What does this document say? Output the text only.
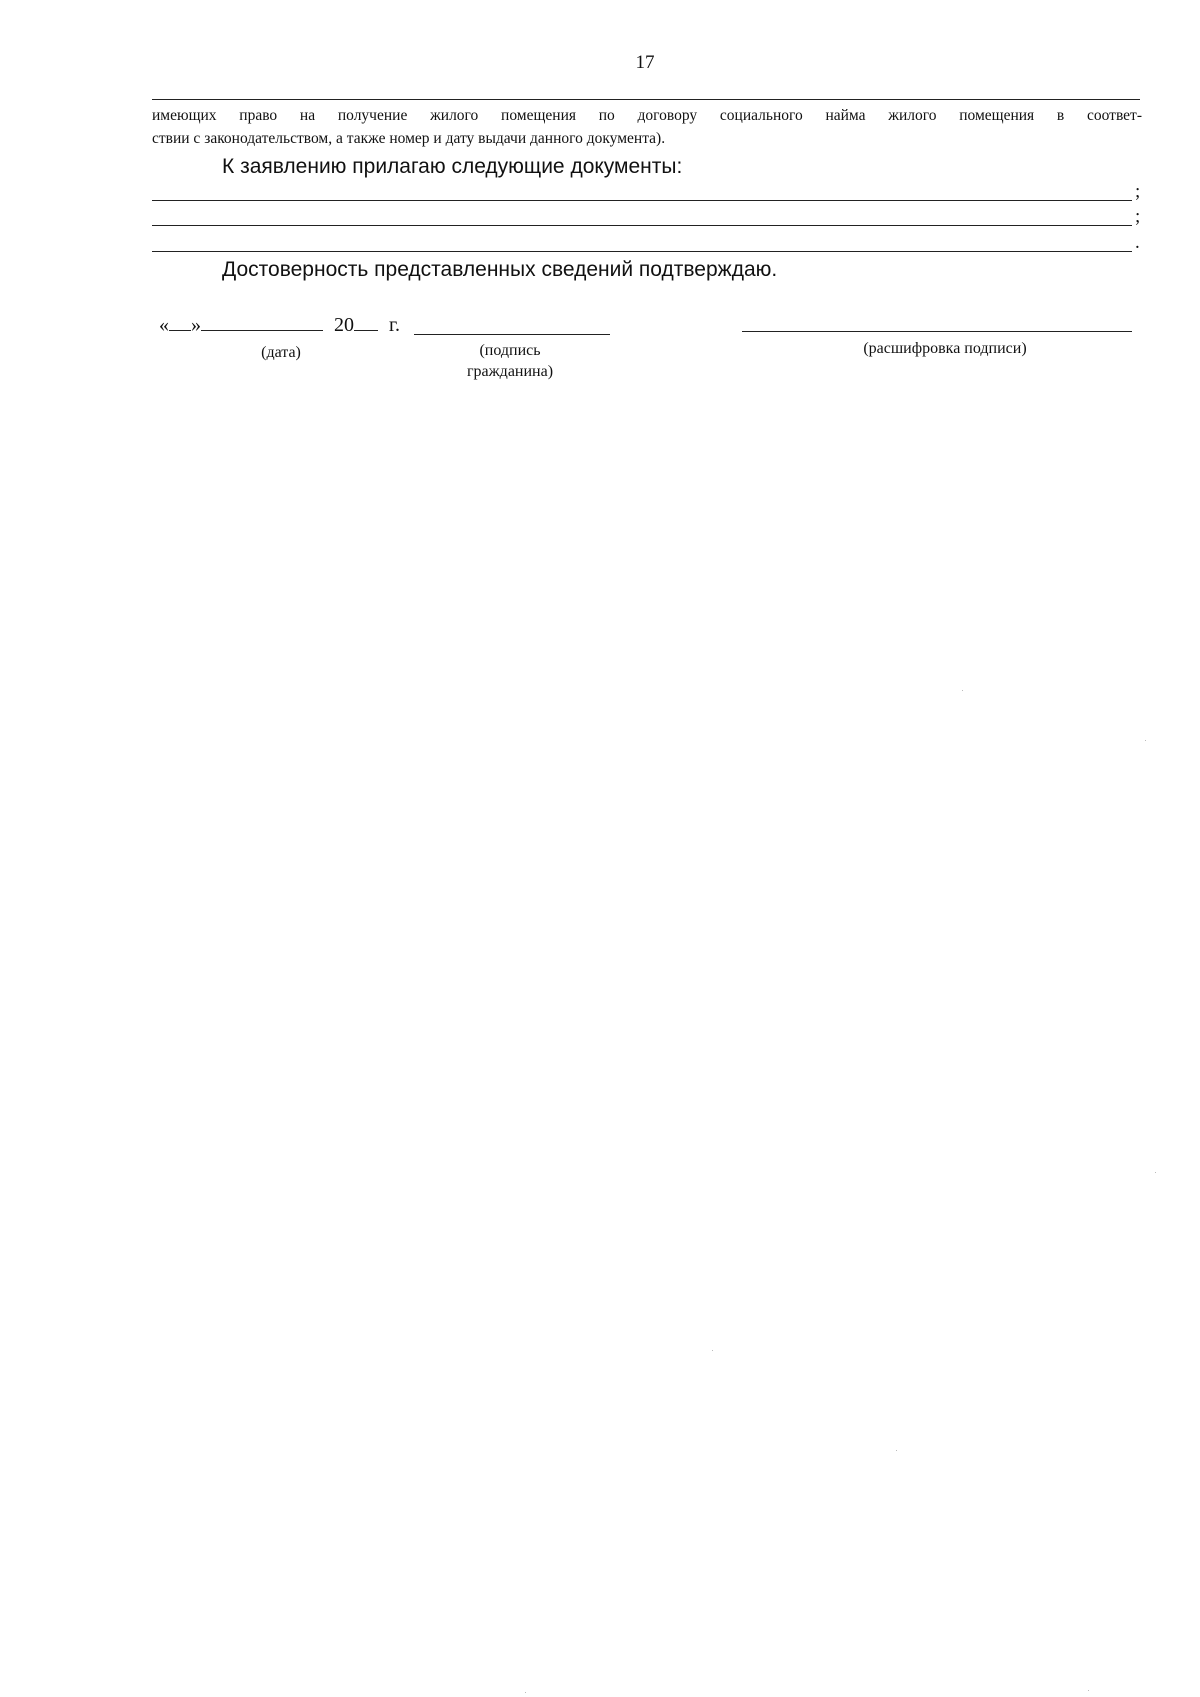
17
имеющих право на получение жилого помещения по договору социального найма жилого помещения в соответ-
ствии с законодательством, а также номер и дату выдачи данного документа).
К заявлению прилагаю следующие документы:
;
;
.
Достоверность представленных сведений подтверждаю.
« »	20 г.
(дата)	(подпись гражданина)
(расшифровка подписи)
